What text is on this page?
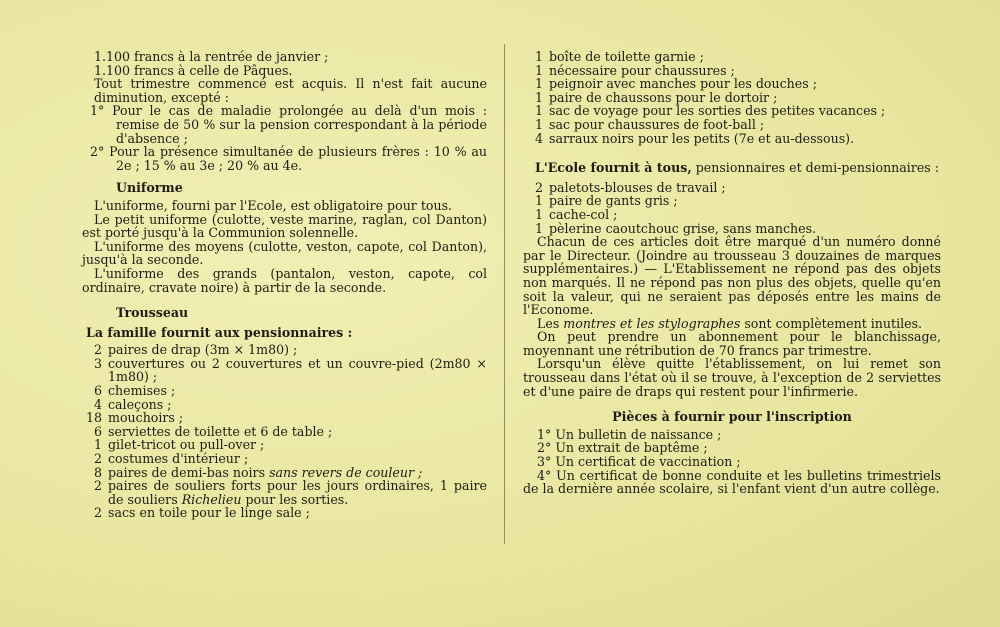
1.100 francs à la rentrée de janvier ;

1.100 francs à celle de Pâques.

Tout trimestre commencé est acquis. Il n'est fait aucune diminution, excepté :

1° Pour le cas de maladie prolongée au delà d'un mois : remise de 50 % sur la pension correspondant à la période d'absence ;

2° Pour la présence simultanée de plusieurs frères : 10 % au 2e ; 15 % au 3e ; 20 % au 4e.

Uniforme

L'uniforme, fourni par l'Ecole, est obligatoire pour tous.

Le petit uniforme (culotte, veste marine, raglan, col Danton) est porté jusqu'à la Communion solennelle.

L'uniforme des moyens (culotte, veston, capote, col Danton), jusqu'à la seconde.

L'uniforme des grands (pantalon, veston, capote, col ordinaire, cravate noire) à partir de la seconde.

Trousseau

La famille fournit aux pensionnaires :

2 paires de drap (3m × 1m80) ;
3 couvertures ou 2 couvertures et un couvre-pied (2m80 × 1m80) ;
6 chemises ;
4 caleçons ;
18 mouchoirs ;
6 serviettes de toilette et 6 de table ;
1 gilet-tricot ou pull-over ;
2 costumes d'intérieur ;
8 paires de demi-bas noirs sans revers de couleur ;
2 paires de souliers forts pour les jours ordinaires, 1 paire de souliers Richelieu pour les sorties.
2 sacs en toile pour le linge sale ;
1 boîte de toilette garnie ;
1 nécessaire pour chaussures ;
1 peignoir avec manches pour les douches ;
1 paire de chaussons pour le dortoir ;
1 sac de voyage pour les sorties des petites vacances ;
1 sac pour chaussures de foot-ball ;
4 sarraux noirs pour les petits (7e et au-dessous).

L'Ecole fournit à tous, pensionnaires et demi-pensionnaires :

2 paletots-blouses de travail ;
1 paire de gants gris ;
1 cache-col ;
1 pèlerine caoutchouc grise, sans manches.

Chacun de ces articles doit être marqué d'un numéro donné par le Directeur. (Joindre au trousseau 3 douzaines de marques supplémentaires.) — L'Etablissement ne répond pas des objets non marqués. Il ne répond pas non plus des objets, quelle qu'en soit la valeur, qui ne seraient pas déposés entre les mains de l'Econome.

Les montres et les stylographes sont complètement inutiles.

On peut prendre un abonnement pour le blanchissage, moyennant une rétribution de 70 francs par trimestre.

Lorsqu'un élève quitte l'établissement, on lui remet son trousseau dans l'état où il se trouve, à l'exception de 2 serviettes et d'une paire de draps qui restent pour l'infirmerie.

Pièces à fournir pour l'inscription

1° Un bulletin de naissance ;

2° Un extrait de baptême ;

3° Un certificat de vaccination ;

4° Un certificat de bonne conduite et les bulletins trimestriels de la dernière année scolaire, si l'enfant vient d'un autre collège.
